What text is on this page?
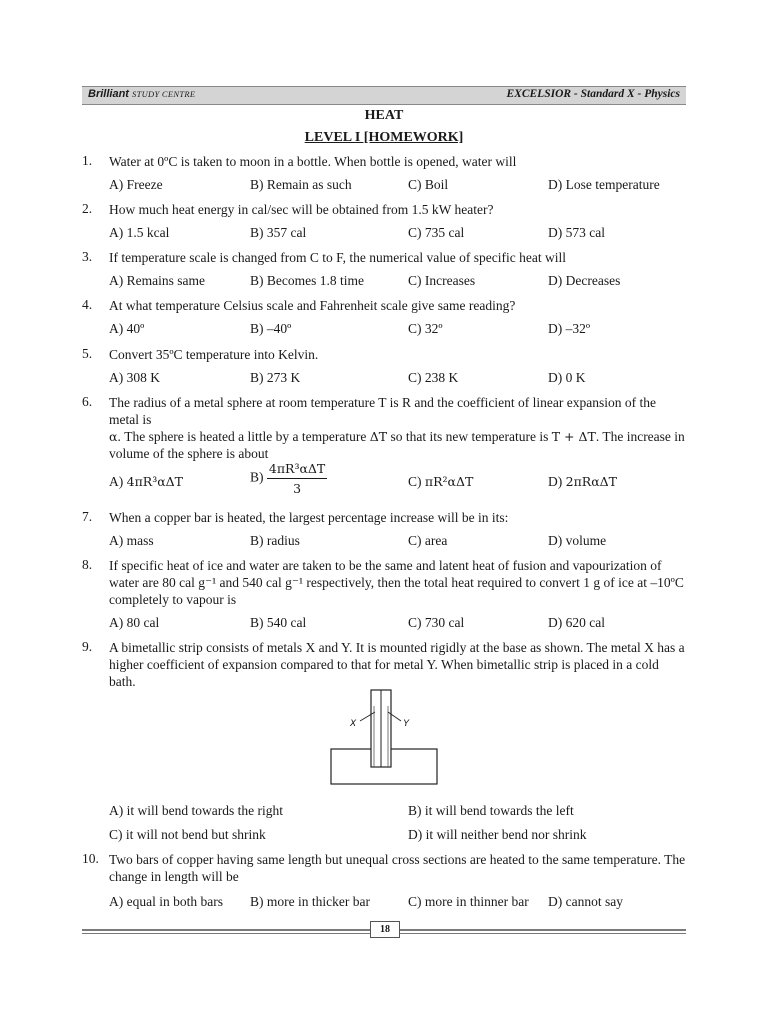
Brilliant STUDY CENTRE	EXCELSIOR - Standard X - Physics
HEAT
LEVEL I [HOMEWORK]
1. Water at 0ºC is taken to moon in a bottle. When bottle is opened, water will
A) Freeze	B) Remain as such	C) Boil	D) Lose temperature
2. How much heat energy in cal/sec will be obtained from 1.5 kW heater?
A) 1.5 kcal	B) 357 cal	C) 735 cal	D) 573 cal
3. If temperature scale is changed from C to F, the numerical value of specific heat will
A) Remains same	B) Becomes 1.8 time	C) Increases	D) Decreases
4. At what temperature Celsius scale and Fahrenheit scale give same reading?
A) 40º	B) –40º	C) 32º	D) –32º
5. Convert 35ºC temperature into Kelvin.
A) 308 K	B) 273 K	C) 238 K	D) 0 K
6. The radius of a metal sphere at room temperature T is R and the coefficient of linear expansion of the metal is
α. The sphere is heated a little by a temperature ΔT so that its new temperature is T + ΔT. The increase in
volume of the sphere is about
A) 4πR³αΔT	$B) \frac{\text{4πR³αΔT}}{3}$	C) πR²αΔT	D) 2πRαΔT
7. When a copper bar is heated, the largest percentage increase will be in its:
A) mass	B) radius	C) area	D) volume
8. If specific heat of ice and water are taken to be the same and latent heat of fusion and vapourization of water are 80 cal g⁻¹ and 540 cal g⁻¹ respectively, then the total heat required to convert 1 g of ice at –10ºC completely to vapour is
A) 80 cal	B) 540 cal	C) 730 cal	D) 620 cal
9. A bimetallic strip consists of metals X and Y. It is mounted rigidly at the base as shown. The metal X has a higher coefficient of expansion compared to that for metal Y. When bimetallic strip is placed in a cold bath.
X	Y
A) it will bend towards the right	B) it will bend towards the left
C) it will not bend but shrink	D) it will neither bend nor shrink
10. Two bars of copper having same length but unequal cross sections are heated to the same temperature. The change in length will be
A) equal in both bars B) more in thicker bar	C) more in thinner bar D) cannot say
18
